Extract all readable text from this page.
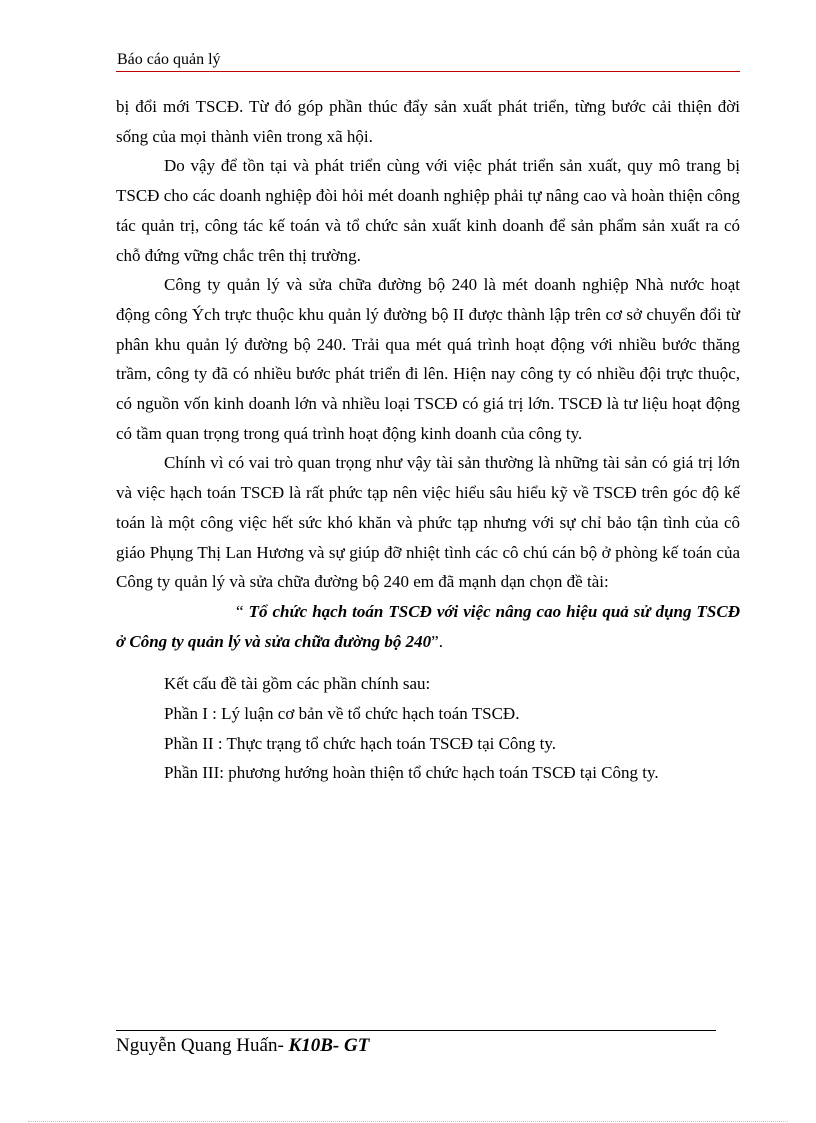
Báo cáo quản lý

bị đổi mới TSCĐ. Từ đó góp phần thúc đẩy sản xuất phát triển, từng bước cải thiện đời sống của mọi thành viên trong xã hội.

Do vậy để tồn tại và phát triển cùng với việc phát triển sản xuất, quy mô trang bị TSCĐ cho các doanh nghiệp đòi hỏi mét doanh nghiệp phải tự nâng cao và hoàn thiện công tác quản trị, công tác kế toán và tổ chức sản xuất kinh doanh để sản phẩm sản xuất ra có chỗ đứng vững chắc trên thị trường.

Công ty quản lý và sửa chữa đường bộ 240 là mét doanh nghiệp Nhà nước hoạt động công Ých trực thuộc khu quản lý đường bộ II được thành lập trên cơ sở chuyển đổi từ phân khu quản lý đường bộ 240. Trải qua mét quá trình hoạt động với nhiều bước thăng trầm, công ty đã có nhiều bước phát triển đi lên. Hiện nay công ty có nhiều đội trực thuộc, có nguồn vốn kinh doanh lớn và nhiều loại TSCĐ có giá trị lớn. TSCĐ là tư liệu hoạt động có tầm quan trọng trong quá trình hoạt động kinh doanh của công ty.

Chính vì có vai trò quan trọng như vậy tài sản thường là những tài sản có giá trị lớn và việc hạch toán TSCĐ là rất phức tạp nên việc hiểu sâu hiểu kỹ về TSCĐ trên góc độ kế toán là một công việc hết sức khó khăn và phức tạp nhưng với sự chỉ bảo tận tình của cô giáo Phụng Thị Lan Hương và sự giúp đỡ nhiệt tình các cô chú cán bộ ở phòng kế toán của Công ty quản lý và sửa chữa đường bộ 240 em đã mạnh dạn chọn đề tài:

“ Tổ chức hạch toán TSCĐ với việc nâng cao hiệu quả sử dụng TSCĐ ở Công ty quản lý và sửa chữa đường bộ 240”.

Kết cấu đề tài gồm các phần chính sau:

Phần I : Lý luận cơ bản về tổ chức hạch toán TSCĐ.

Phần II : Thực trạng tổ chức hạch toán TSCĐ tại Công ty.

Phần III: phương hướng hoàn thiện tổ chức hạch toán TSCĐ tại Công ty.

Nguyễn Quang Huấn- K10B- GT
